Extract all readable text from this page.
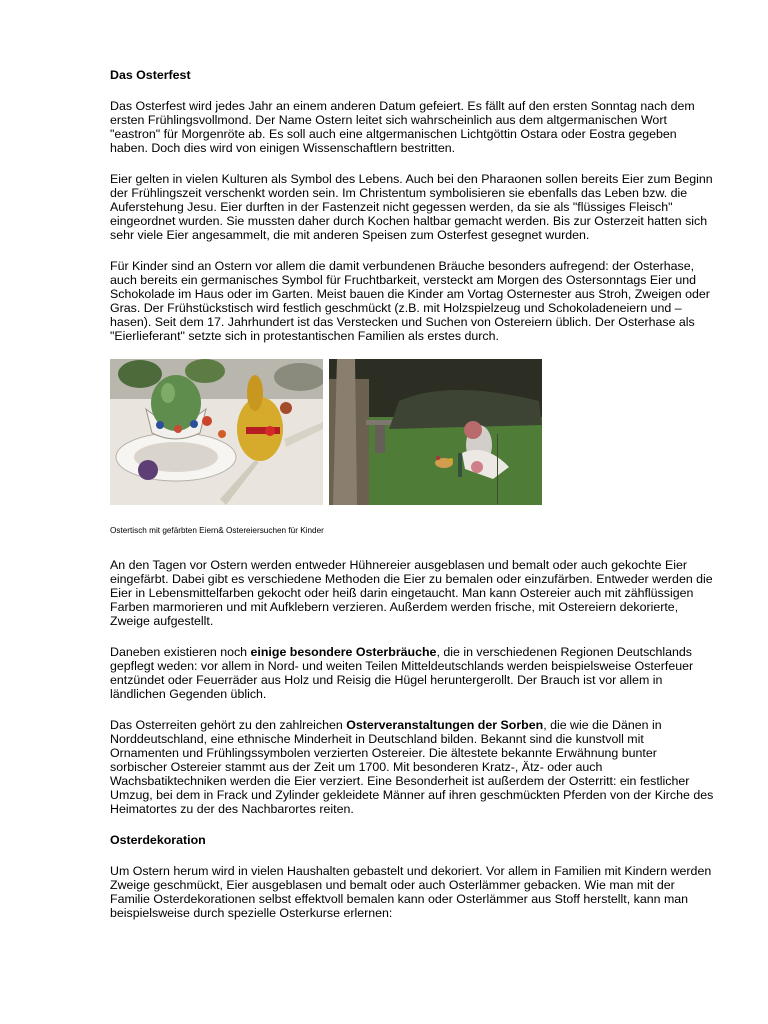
Das Osterfest

Das Osterfest wird jedes Jahr an einem anderen Datum gefeiert. Es fällt auf den ersten Sonntag nach dem ersten Frühlingsvollmond. Der Name Ostern leitet sich wahrscheinlich aus dem altgermanischen Wort "eastron" für Morgenröte ab. Es soll auch eine altgermanischen Lichtgöttin Ostara oder Eostra gegeben haben. Doch dies wird von einigen Wissenschaftlern bestritten.

Eier gelten in vielen Kulturen als Symbol des Lebens. Auch bei den Pharaonen sollen bereits Eier zum Beginn der Frühlingszeit verschenkt worden sein. Im Christentum symbolisieren sie ebenfalls das Leben bzw. die Auferstehung Jesu. Eier durften in der Fastenzeit nicht gegessen werden, da sie als "flüssiges Fleisch" eingeordnet wurden. Sie mussten daher durch Kochen haltbar gemacht werden. Bis zur Osterzeit hatten sich sehr viele Eier angesammelt, die mit anderen Speisen zum Osterfest gesegnet wurden.

Für Kinder sind an Ostern vor allem die damit verbundenen Bräuche besonders aufregend: der Osterhase, auch bereits ein germanisches Symbol für Fruchtbarkeit, versteckt am Morgen des Ostersonntags Eier und Schokolade im Haus oder im Garten. Meist bauen die Kinder am Vortag Osternester aus Stroh, Zweigen oder Gras. Der Frühstückstisch wird festlich geschmückt (z.B. mit Holzspielzeug und Schokoladeneiern und –hasen). Seit dem 17. Jahrhundert ist das Verstecken und Suchen von Ostereiern üblich. Der Osterhase als "Eierlieferant" setzte sich in protestantischen Familien als erstes durch.

Ostertisch mit gefärbten Eiern& Ostereiersuchen für Kinder

An den Tagen vor Ostern werden entweder Hühnereier ausgeblasen und bemalt oder auch gekochte Eier eingefärbt. Dabei gibt es verschiedene Methoden die Eier zu bemalen oder einzufärben. Entweder werden die Eier in Lebensmittelfarben gekocht oder heiß darin eingetaucht. Man kann Ostereier auch mit zähflüssigen Farben marmorieren und mit Aufklebern verzieren. Außerdem werden frische, mit Ostereiern dekorierte, Zweige aufgestellt.

Daneben existieren noch einige besondere Osterbräuche, die in verschiedenen Regionen Deutschlands gepflegt weden: vor allem in Nord- und weiten Teilen Mitteldeutschlands werden beispielsweise Osterfeuer entzündet oder Feuerräder aus Holz und Reisig die Hügel heruntergerollt. Der Brauch ist vor allem in ländlichen Gegenden üblich.

Das Osterreiten gehört zu den zahlreichen Osterveranstaltungen der Sorben, die wie die Dänen in Norddeutschland, eine ethnische Minderheit in Deutschland bilden. Bekannt sind die kunstvoll mit Ornamenten und Frühlingssymbolen verzierten Ostereier. Die ältestete bekannte Erwähnung bunter sorbischer Ostereier stammt aus der Zeit um 1700. Mit besonderen Kratz-, Ätz- oder auch Wachsbatiktechniken werden die Eier verziert. Eine Besonderheit ist außerdem der Osterritt: ein festlicher Umzug, bei dem in Frack und Zylinder gekleidete Männer auf ihren geschmückten Pferden von der Kirche des Heimatortes zu der des Nachbarortes reiten.

Osterdekoration

Um Ostern herum wird in vielen Haushalten gebastelt und dekoriert. Vor allem in Familien mit Kindern werden Zweige geschmückt, Eier ausgeblasen und bemalt oder auch Osterlämmer gebacken. Wie man mit der Familie Osterdekorationen selbst effektvoll bemalen kann oder Osterlämmer aus Stoff herstellt, kann man beispielsweise durch spezielle Osterkurse erlernen:
